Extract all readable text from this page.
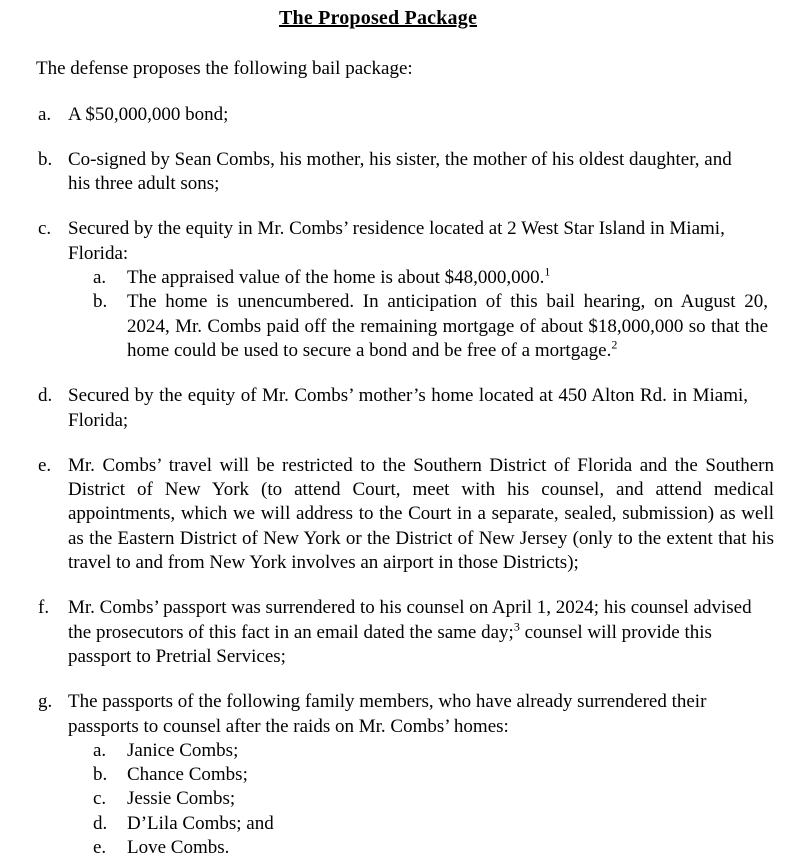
The Proposed Package

The defense proposes the following bail package:

a. A $50,000,000 bond;
b. Co-signed by Sean Combs, his mother, his sister, the mother of his oldest daughter, and his three adult sons;
c. Secured by the equity in Mr. Combs’ residence located at 2 West Star Island in Miami, Florida:
a.	The appraised value of the home is about $48,000,000.$^1$
b.	The home is unencumbered. In anticipation of this bail hearing, on August 20, 2024, Mr. Combs paid off the remaining mortgage of about $18,000,000 so that the home could be used to secure a bond and be free of a mortgage.$^2$
d. Secured by the equity of Mr. Combs’ mother’s home located at 450 Alton Rd. in Miami, Florida;
e. Mr. Combs’ travel will be restricted to the Southern District of Florida and the Southern District of New York (to attend Court, meet with his counsel, and attend medical appointments, which we will address to the Court in a separate, sealed, submission) as well as the Eastern District of New York or the District of New Jersey (only to the extent that his travel to and from New York involves an airport in those Districts);
f. Mr. Combs’ passport was surrendered to his counsel on April 1, 2024; his counsel advised the prosecutors of this fact in an email dated the same day;$^3$ counsel will provide this passport to Pretrial Services;
g. The passports of the following family members, who have already surrendered their passports to counsel after the raids on Mr. Combs’ homes:
a.	Janice Combs;
b.	Chance Combs;
c.	Jessie Combs;
d.	D’Lila Combs; and
e.	Love Combs.
